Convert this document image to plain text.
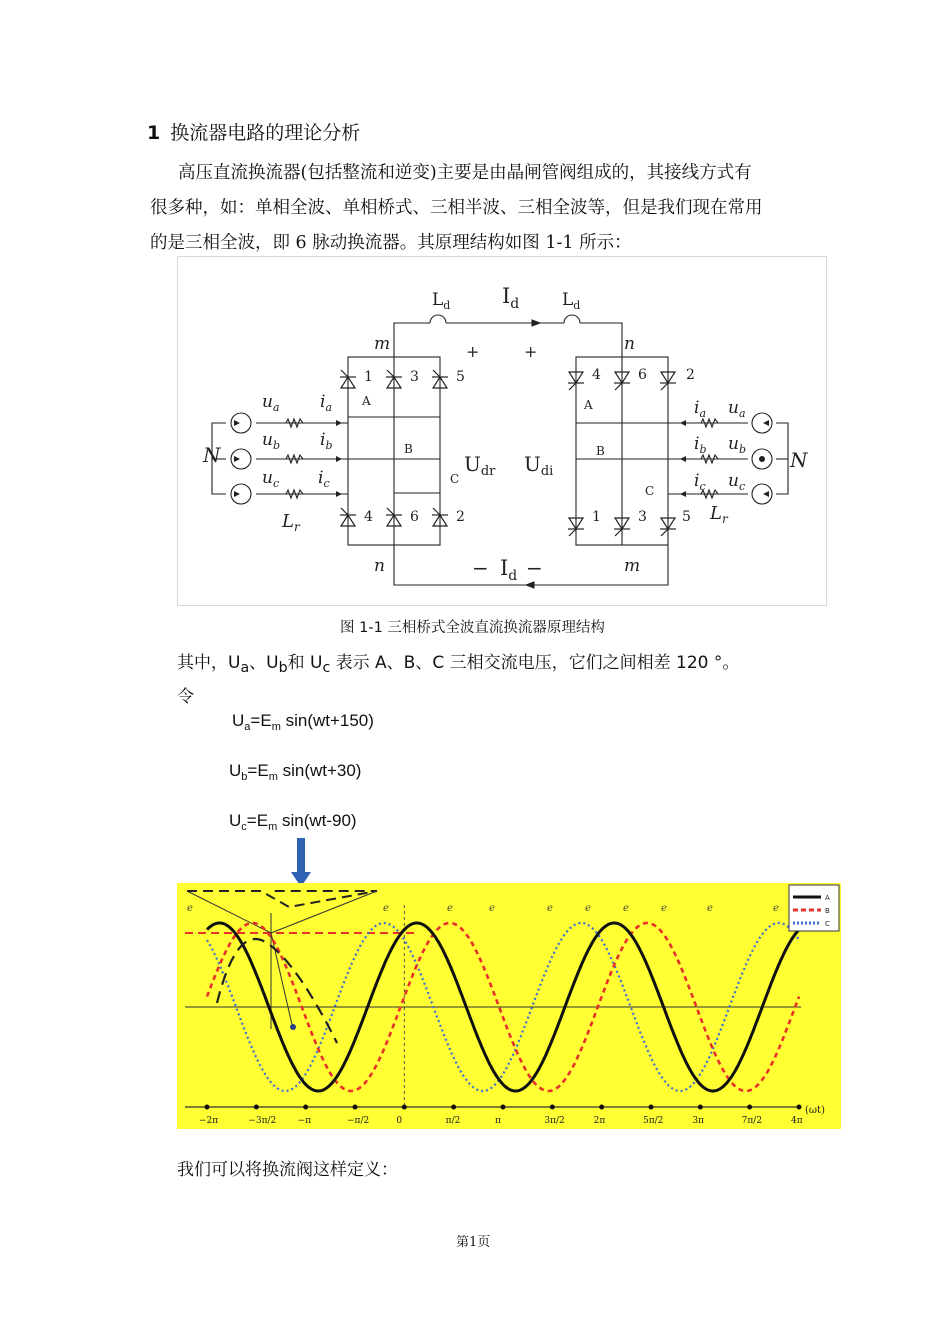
1 换流器电路的理论分析
高压直流换流器(包括整流和逆变)主要是由晶闸管阀组成的，其接线方式有
很多种，如：单相全波、单相桥式、三相半波、三相全波等，但是我们现在常用
的是三相全波，即 6 脉动换流器。其原理结构如图 1-1 所示：
$L_d$ $I_d$	$L_d$
m	n
+	+
n	m
− $I_d$ −
N	N
$L_r$
$L_r$
$u_a$
$u_b$
$u_c$
$i_a$
$i_b$
$i_c$
$i_a$ $u_a$
$i_b$ $u_b$
$i_c$ $u_c$
A
B
C
A
B
C
$U_{dr}$ $U_{di}$
1	3	5
4	6	2
4	6	2
1	3	5
图 1-1 三相桥式全波直流换流器原理结构
其中，$U_a$、$U_b$和 $U_c$ 表示 A、B、C 三相交流电压，它们之间相差 120 °。
令
$U_a=E_m$ sin(wt+150)
$U_b=E_m$ sin(wt+30)
$U_c=E_m$ sin(wt-90)
e	e	e	e	e	e	e	e	e	e
−2π	−3π/2 −π	−π/2	0	π/2	π	3π/2	2π	5π/2	3π	7π/2	4π
(ωt)
A
B
C
我们可以将换流阀这样定义：
第1页
